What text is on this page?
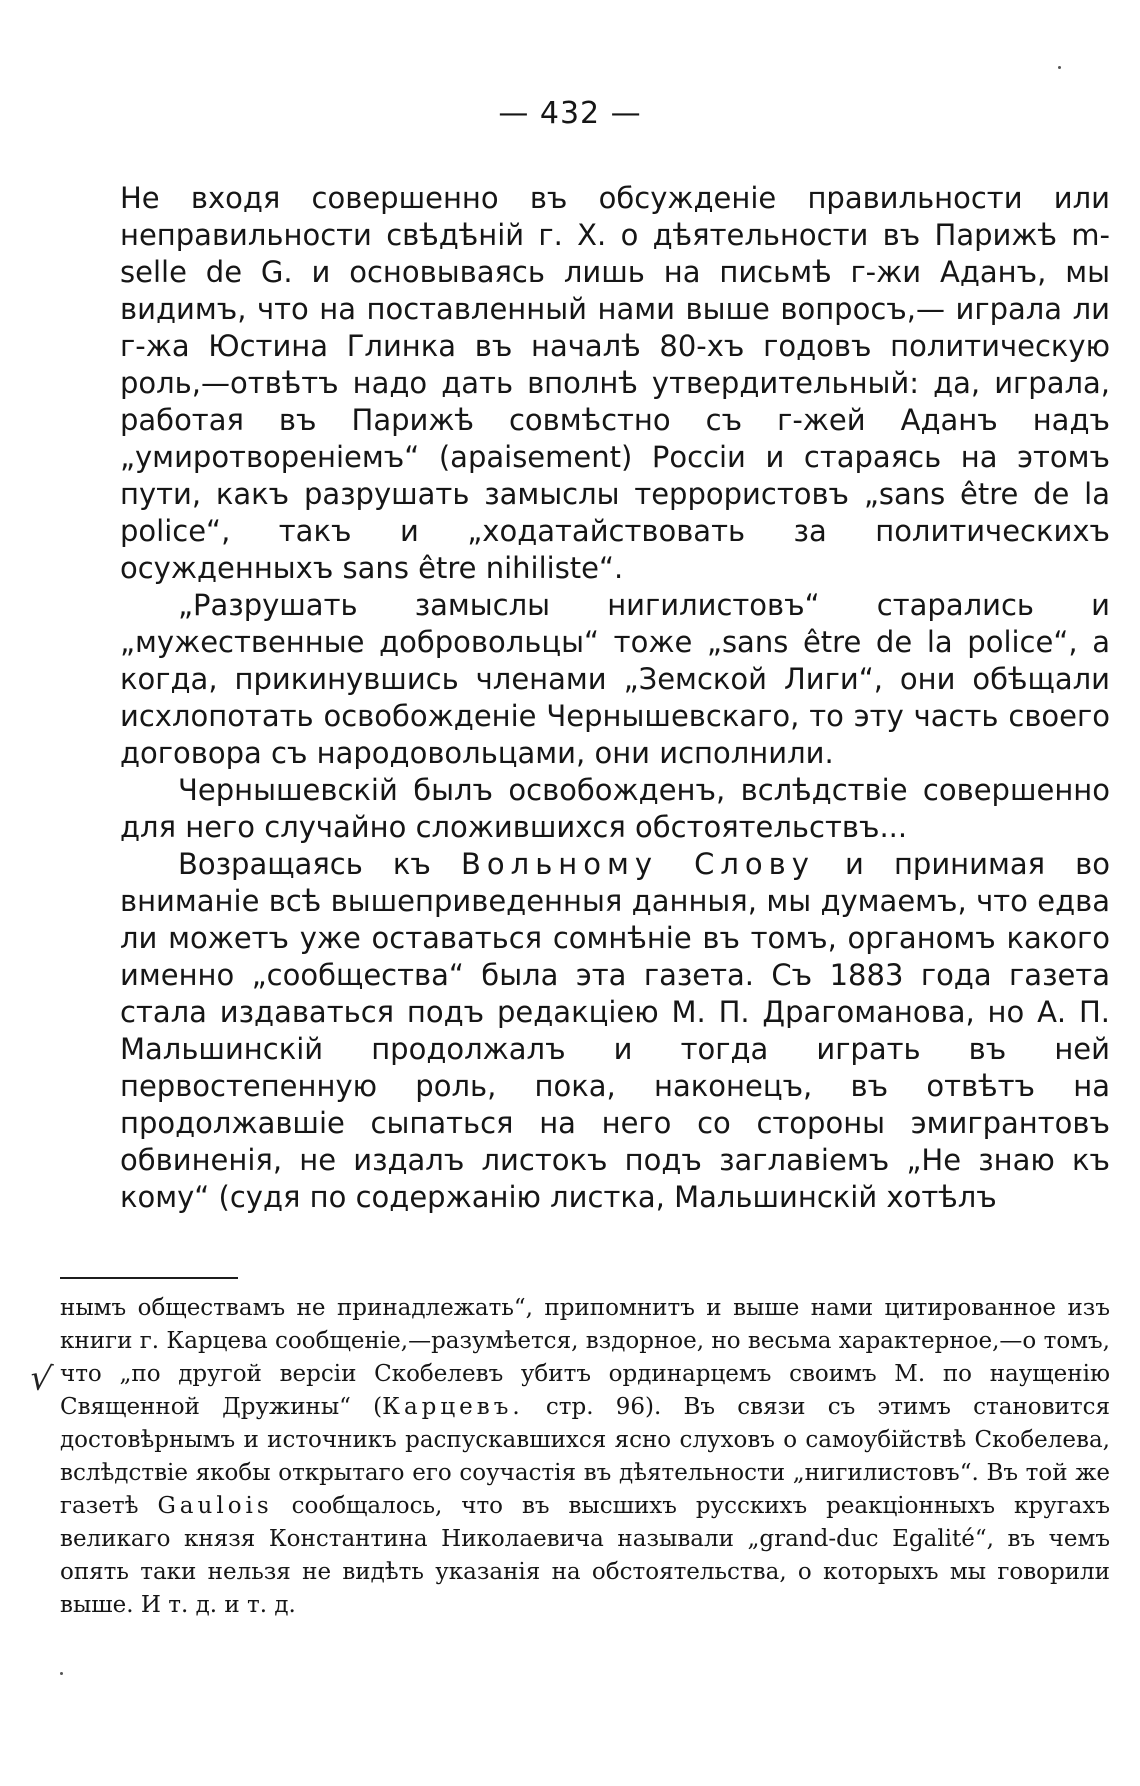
— 432 —

Не входя совершенно въ обсужденіе правильности или неправильности свѣдѣній г. Х. о дѣятельности въ Парижѣ m-selle de G. и основываясь лишь на письмѣ г-жи Аданъ, мы видимъ, что на поставленный нами выше вопросъ,— играла ли г-жа Юстина Глинка въ началѣ 80-хъ годовъ политическую роль,—отвѣтъ надо дать вполнѣ утвердительный: да, играла, работая въ Парижѣ совмѣстно съ г-жей Аданъ надъ „умиротвореніемъ“ (apaisement) Россіи и стараясь на этомъ пути, какъ разрушать замыслы террористовъ „sans être de la police“, такъ и „ходатайствовать за политическихъ осужденныхъ sans être nihiliste“.

„Разрушать замыслы нигилистовъ“ старались и „мужественные добровольцы“ тоже „sans être de la police“, а когда, прикинувшись членами „Земской Лиги“, они обѣщали исхлопотать освобожденіе Чернышевскаго, то эту часть своего договора съ народовольцами, они исполнили.

Чернышевскій былъ освобожденъ, вслѣдствіе совершенно для него случайно сложившихся обстоятельствъ...

Возращаясь къ Вольному Слову и принимая во вниманіе всѣ вышеприведенныя данныя, мы думаемъ, что едва ли можетъ уже оставаться сомнѣніе въ томъ, органомъ какого именно „сообщества“ была эта газета. Съ 1883 года газета стала издаваться подъ редакціею М. П. Драгоманова, но А. П. Мальшинскій продолжалъ и тогда играть въ ней первостепенную роль, пока, наконецъ, въ отвѣтъ на продолжавшіе сыпаться на него со стороны эмигрантовъ обвиненія, не издалъ листокъ подъ заглавіемъ „Не знаю къ кому“ (судя по содержанію листка, Мальшинскій хотѣлъ

√

нымъ обществамъ не принадлежать“, припомнитъ и выше нами цитированное изъ книги г. Карцева сообщеніе,—разумѣется, вздорное, но весьма характерное,—о томъ, что „по другой версіи Скобелевъ убитъ ординарцемъ своимъ М. по наущенію Священной Дружины“ (Карцевъ. стр. 96). Въ связи съ этимъ становится достовѣрнымъ и источникъ распускавшихся ясно слуховъ о самоубійствѣ Скобелева, вслѣдствіе якобы открытаго его соучастія въ дѣятельности „нигилистовъ“. Въ той же газетѣ Gaulois сообщалось, что въ высшихъ русскихъ реакціонныхъ кругахъ великаго князя Константина Николаевича называли „grand-duc Egalité“, въ чемъ опять таки нельзя не видѣть указанія на обстоятельства, о которыхъ мы говорили выше. И т. д. и т. д.
